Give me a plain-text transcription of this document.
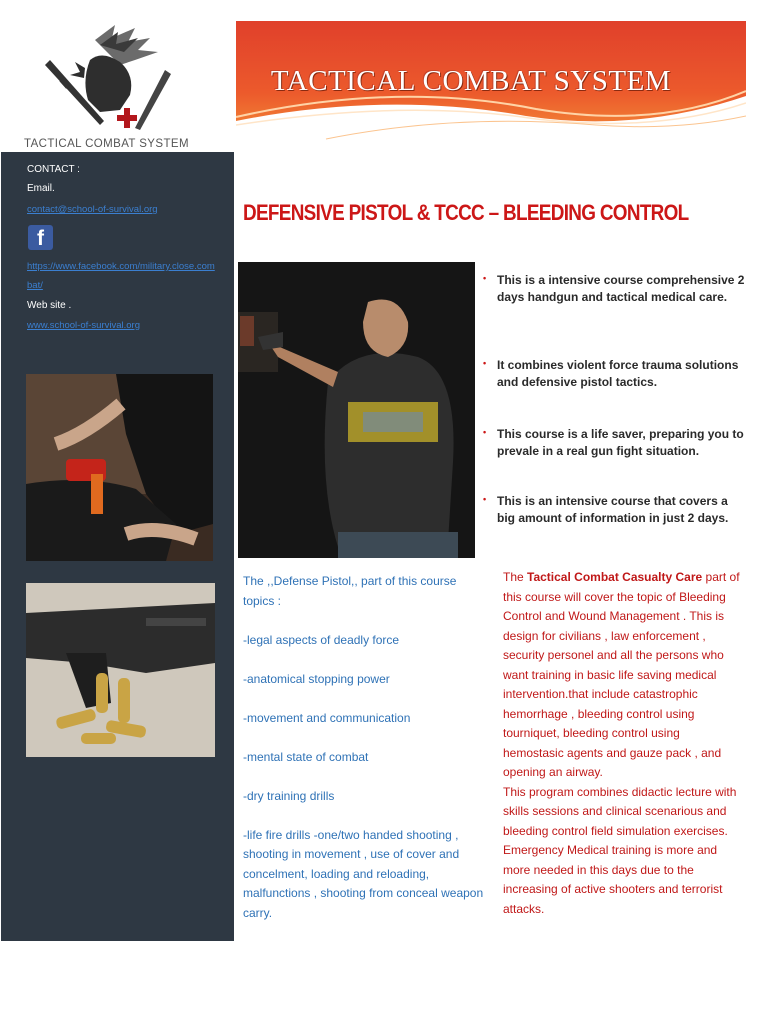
TACTICAL COMBAT SYSTEM
TACTICAL COMBAT SYSTEM
CONTACT :
Email.
contact@school-of-survival.org
f
https://www.facebook.com/military.close.com
bat/
Web site .
www.school-of-survival.org
DEFENSIVE PISTOL & TCCC – BLEEDING CONTROL
• This is a intensive course comprehensive 2 days handgun and tactical medical care.
• It combines violent force trauma solutions and defensive pistol tactics.
• This course is a life saver, preparing you to prevale in a real gun fight situation.
• This is an intensive course that covers a big amount of information in just 2 days.

The ,,Defense Pistol,, part of this course topics :

-legal aspects of deadly force

-anatomical stopping power

-movement and communication

-mental state of combat

-dry training drills

-life fire drills -one/two handed shooting , shooting in movement , use of cover and concelment, loading and reloading, malfunctions , shooting from conceal weapon carry.

The Tactical Combat Casualty Care part of this course will cover the topic of Bleeding Control and Wound Management . This is design for civilians , law enforcement , security personel and all the persons who want training in basic life saving medical intervention.that include catastrophic hemorrhage , bleeding control using tourniquet, bleeding control using hemostasic agents and gauze pack , and opening an airway.
This program combines didactic lecture with skills sessions and clinical scenarious and bleeding control field simulation exercises.
Emergency Medical training is more and more needed in this days due to the increasing of active shooters and terrorist attacks.
